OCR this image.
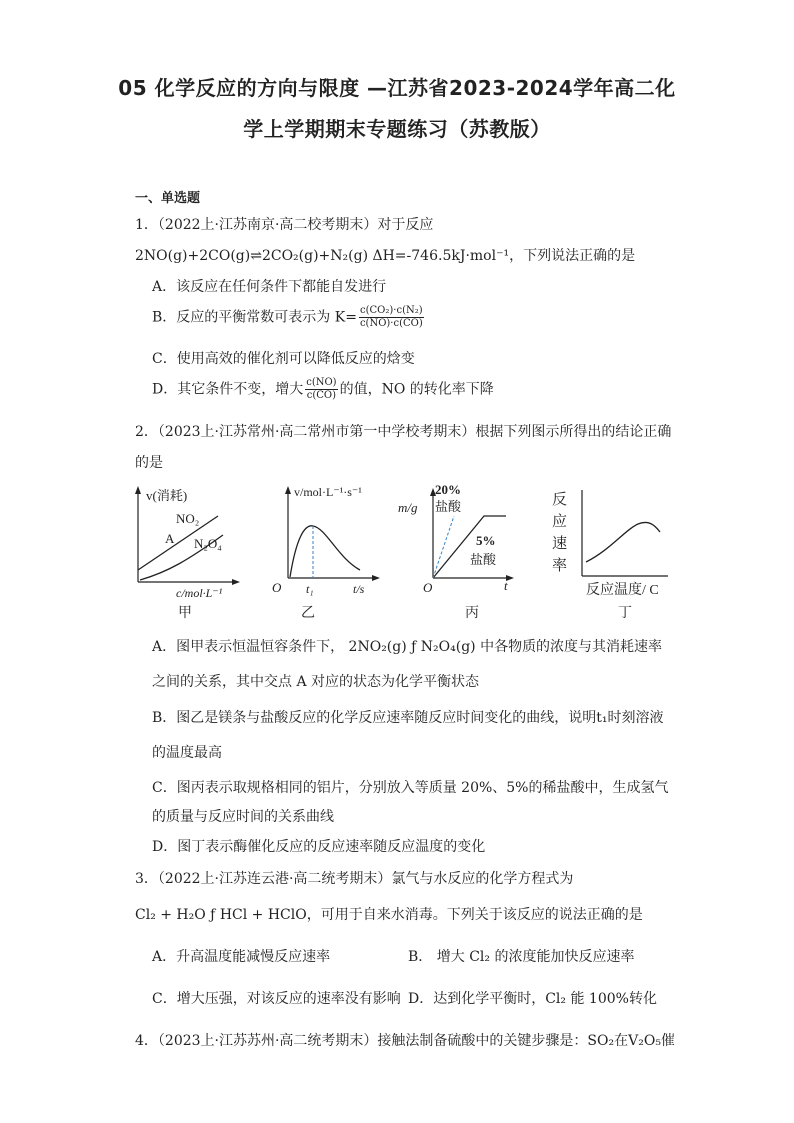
05 化学反应的方向与限度 —江苏省2023-2024学年高二化
学上学期期末专题练习（苏教版）
一、单选题
1．（2022上·江苏南京·高二校考期末）对于反应
2NO(g)+2CO(g)⇌2CO₂(g)+N₂(g) ΔH=-746.5kJ·mol⁻¹，下列说法正确的是
A．该反应在任何条件下都能自发进行
B．反应的平衡常数可表示为 $K= \frac{\text{c(CO₂)·c(N₂)}}{c(NO)\cdot c(CO)}$
C．使用高效的催化剂可以降低反应的焓变
D．其它条件不变，增大 $\frac{c(NO)}{c(CO)}$ 的值，NO 的转化率下降
2．（2023上·江苏常州·高二常州市第一中学校考期末）根据下列图示所得出的结论正确
的是
v(消耗)
NO₂
A N₂O₄
c/mol·L⁻¹
甲
v/mol·L⁻¹·s⁻¹
O t₁	t/s
乙
20%
m/g 盐酸
5%
盐酸
O	t
丙
反
应
速
率
反应温度/ C
丁
A．图甲表示恒温恒容条件下， 2NO₂(g) ƒ N₂O₄(g) 中各物质的浓度与其消耗速率
之间的关系，其中交点 A 对应的状态为化学平衡状态
B．图乙是镁条与盐酸反应的化学反应速率随反应时间变化的曲线，说明t₁时刻溶液
的温度最高
C．图丙表示取规格相同的铝片，分别放入等质量 20%、5%的稀盐酸中，生成氢气
的质量与反应时间的关系曲线
D．图丁表示酶催化反应的反应速率随反应温度的变化
3．（2022上·江苏连云港·高二统考期末）氯气与水反应的化学方程式为
Cl₂ + H₂O ƒ HCl + HClO，可用于自来水消毒。下列关于该反应的说法正确的是
A．升高温度能减慢反应速率	B． 增大 Cl₂ 的浓度能加快反应速率
C．增大压强，对该反应的速率没有影响 D．达到化学平衡时，Cl₂ 能 100%转化
4．（2023上·江苏苏州·高二统考期末）接触法制备硫酸中的关键步骤是：SO₂在V₂O₅催
